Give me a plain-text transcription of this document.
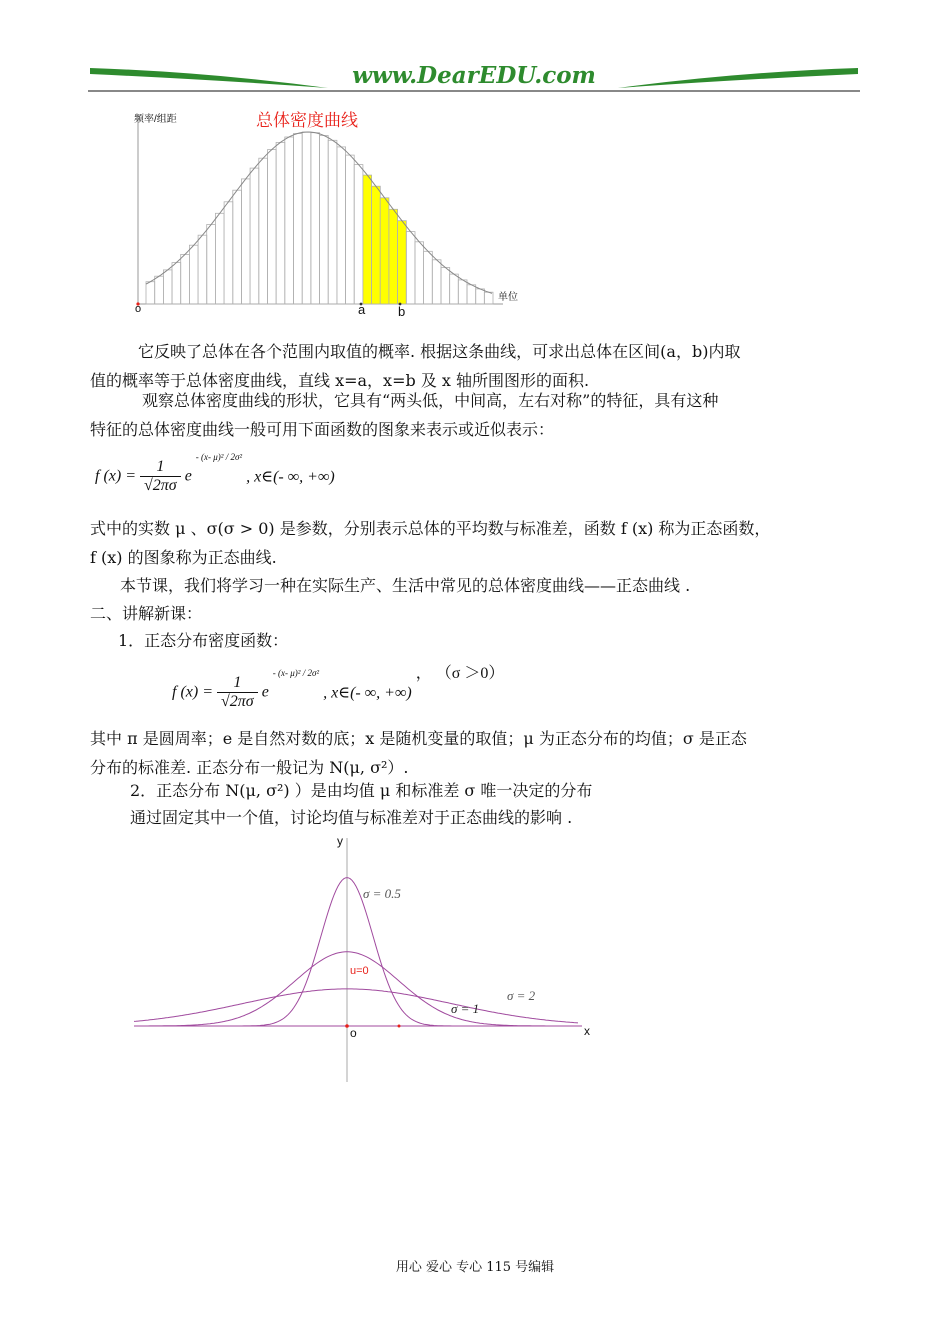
www.DearEDU.com
总体密度曲线
频率/组距
单位
o	a	b
它反映了总体在各个范围内取值的概率. 根据这条曲线，可求出总体在区间(a，b)内取
值的概率等于总体密度曲线，直线 x=a，x=b 及 x 轴所围图形的面积.
观察总体密度曲线的形状，它具有“两头低，中间高，左右对称”的特征，具有这种
特征的总体密度曲线一般可用下面函数的图象来表示或近似表示：
f $(x) = \frac{1}{√2\pi\sigma}$ e $^{- (x- \mu)^2 / 2\sigma^2}$ , x∈(- ∞, +∞)
式中的实数 μ 、σ(σ > 0) 是参数，分别表示总体的平均数与标准差，函数 f (x) 称为正态函数，
f (x) 的图象称为正态曲线.
本节课，我们将学习一种在实际生产、生活中常见的总体密度曲线——正态曲线 .
二、讲解新课：
1．正态分布密度函数：
f $(x) = \frac{1}{√2\pi\sigma}$ e $^{- (x- \mu)^2 / 2\sigma^2}$ , x∈(- ∞, +∞) ， （σ ＞0）
其中 π 是圆周率；e 是自然对数的底；x 是随机变量的取值；μ 为正态分布的均值；σ 是正态
分布的标准差. 正态分布一般记为 N(μ, σ²）.
2．正态分布 N(μ, σ²) ）是由均值 μ 和标准差 σ 唯一决定的分布
通过固定其中一个值，讨论均值与标准差对于正态曲线的影响 .
y
x
o
u=0
σ = 0.5
σ = 1
σ = 2
用心 爱心 专心 115 号编辑
